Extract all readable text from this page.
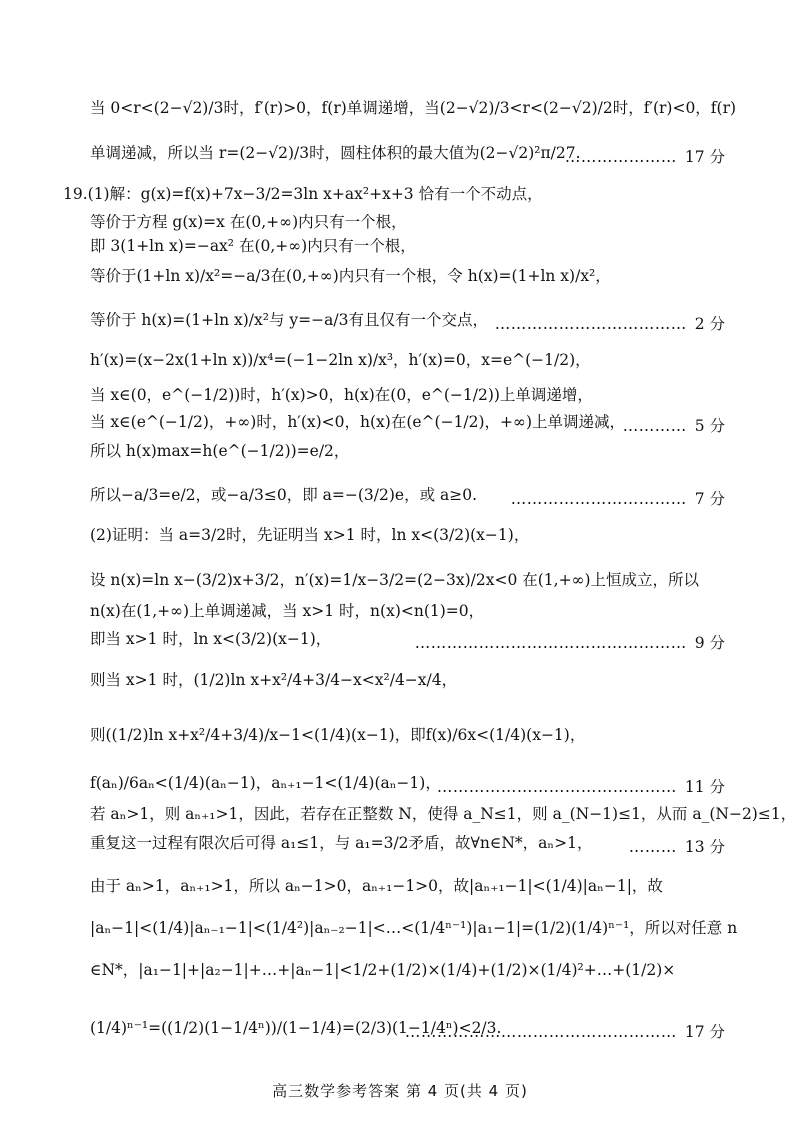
当 0<r<(2−√2)/3时，f′(r)>0，f(r)单调递增，当(2−√2)/3<r<(2−√2)/2时，f′(r)<0，f(r)
单调递减，所以当 r=(2−√2)/3时，圆柱体积的最大值为(2−√2)²π/27.
………………… 17 分
19.(1)解：g(x)=f(x)+7x−3/2=3ln x+ax²+x+3 恰有一个不动点，
等价于方程 g(x)=x 在(0,+∞)内只有一个根，
即 3(1+ln x)=−ax² 在(0,+∞)内只有一个根，
等价于(1+ln x)/x²=−a/3在(0,+∞)内只有一个根，令 h(x)=(1+ln x)/x²，
等价于 h(x)=(1+ln x)/x²与 y=−a/3有且仅有一个交点， ……………………………… 2 分
h′(x)=(x−2x(1+ln x))/x⁴=(−1−2ln x)/x³，h′(x)=0，x=e^(−1/2)，
当 x∈(0，e^(−1/2))时，h′(x)>0，h(x)在(0，e^(−1/2))上单调递增，
当 x∈(e^(−1/2)，+∞)时，h′(x)<0，h(x)在(e^(−1/2)，+∞)上单调递减，
………… 5 分
所以 h(x)max=h(e^(−1/2))=e/2，
所以−a/3=e/2，或−a/3≤0，即 a=−(3/2)e，或 a≥0. …………………………… 7 分
(2)证明：当 a=3/2时，先证明当 x>1 时，ln x<(3/2)(x−1)，
设 n(x)=ln x−(3/2)x+3/2，n′(x)=1/x−3/2=(2−3x)/2x<0 在(1,+∞)上恒成立，所以
n(x)在(1,+∞)上单调递减，当 x>1 时，n(x)<n(1)=0，
即当 x>1 时，ln x<(3/2)(x−1)，	…………………………………………… 9 分
则当 x>1 时，(1/2)ln x+x²/4+3/4−x<x²/4−x/4，
则((1/2)ln x+x²/4+3/4)/x−1<(1/4)(x−1)，即f(x)/6x<(1/4)(x−1)，
f(aₙ)/6aₙ<(1/4)(aₙ−1)，aₙ₊₁−1<(1/4)(aₙ−1)，
……………………………………… 11 分
若 aₙ>1，则 aₙ₊₁>1，因此，若存在正整数 N，使得 a_N≤1，则 a_(N−1)≤1，从而 a_(N−2)≤1，
重复这一过程有限次后可得 a₁≤1，与 a₁=3/2矛盾，故∀n∈N*，aₙ>1， ……… 13 分
由于 aₙ>1，aₙ₊₁>1，所以 aₙ−1>0，aₙ₊₁−1>0，故|aₙ₊₁−1|<(1/4)|aₙ−1|，故
|aₙ−1|<(1/4)|aₙ₋₁−1|<(1/4²)|aₙ₋₂−1|<…<(1/4ⁿ⁻¹)|a₁−1|=(1/2)(1/4)ⁿ⁻¹，所以对任意 n
∈N*，|a₁−1|+|a₂−1|+…+|aₙ−1|<1/2+(1/2)×(1/4)+(1/2)×(1/4)²+…+(1/2)×
(1/4)ⁿ⁻¹=((1/2)(1−1/4ⁿ))/(1−1/4)=(2/3)(1−1/4ⁿ)<2/3.
…………………………………………… 17 分
高三数学参考答案 第 4 页(共 4 页)
